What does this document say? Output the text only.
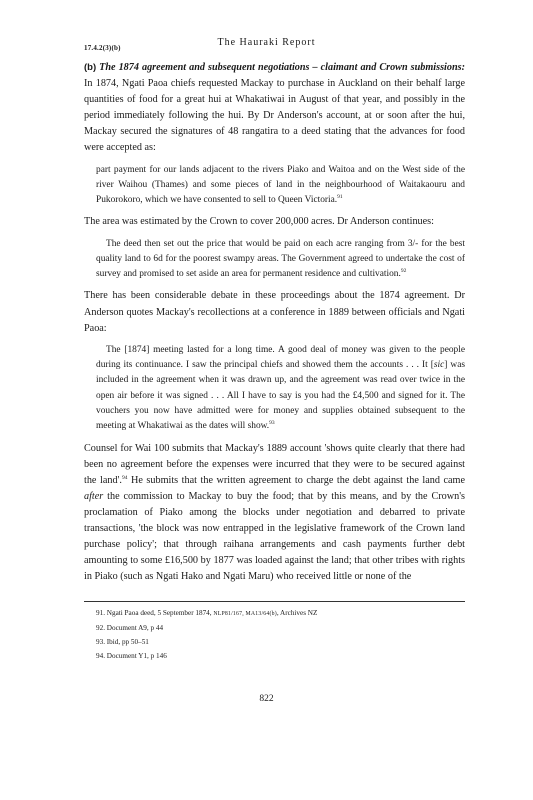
17.4.2(3)(b)	The Hauraki Report

(b) The 1874 agreement and subsequent negotiations – claimant and Crown submissions: In 1874, Ngati Paoa chiefs requested Mackay to purchase in Auckland on their behalf large quantities of food for a great hui at Whakatiwai in August of that year, and possibly in the period immediately following the hui. By Dr Anderson's account, at or soon after the hui, Mackay secured the signatures of 48 rangatira to a deed stating that the advances for food were accepted as:

part payment for our lands adjacent to the rivers Piako and Waitoa and on the West side of the river Waihou (Thames) and some pieces of land in the neighbourhood of Waitakaouru and Pukorokoro, which we have consented to sell to Queen Victoria.$^{91}$

The area was estimated by the Crown to cover 200,000 acres. Dr Anderson continues:

The deed then set out the price that would be paid on each acre ranging from 3/- for the best quality land to 6d for the poorest swampy areas. The Government agreed to undertake the cost of survey and promised to set aside an area for permanent residence and cultivation.$^{92}$

There has been considerable debate in these proceedings about the 1874 agreement. Dr Anderson quotes Mackay's recollections at a conference in 1889 between officials and Ngati Paoa:

The [1874] meeting lasted for a long time. A good deal of money was given to the people during its continuance. I saw the principal chiefs and showed them the accounts . . . It [sic] was included in the agreement when it was drawn up, and the agreement was read over twice in the open air before it was signed . . . All I have to say is you had the £4,500 and signed for it. The vouchers you now have admitted were for money and supplies obtained subsequent to the meeting at Whakatiwai as the dates will show.$^{93}$

Counsel for Wai 100 submits that Mackay's 1889 account 'shows quite clearly that there had been no agreement before the expenses were incurred that they were to be secured against the land'.$^{94}$ He submits that the written agreement to charge the debt against the land came after the commission to Mackay to buy the food; that by this means, and by the Crown's proclamation of Piako among the blocks under negotiation and debarred to private transactions, 'the block was now entrapped in the legislative framework of the Crown land purchase policy'; that through raihana arrangements and cash payments further debt amounting to some £16,500 by 1877 was loaded against the land; that other tribes with rights in Piako (such as Ngati Hako and Ngati Maru) who received little or none of the

91. Ngati Paoa deed, 5 September 1874, NLP81/167, MA13/64(b), Archives NZ

92. Document A9, p 44

93. Ibid, pp 50–51

94. Document Y1, p 146

822
